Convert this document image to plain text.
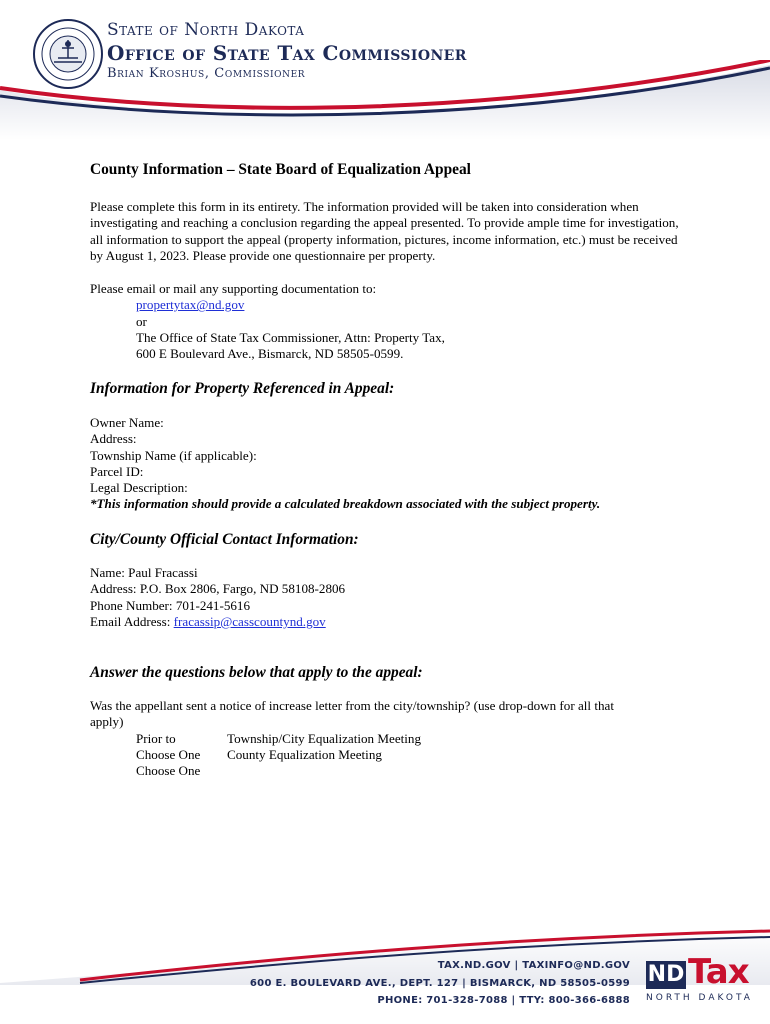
State of North Dakota
Office of State Tax Commissioner
Brian Kroshus, Commissioner
County Information – State Board of Equalization Appeal
Please complete this form in its entirety. The information provided will be taken into consideration when investigating and reaching a conclusion regarding the appeal presented. To provide ample time for investigation, all information to support the appeal (property information, pictures, income information, etc.) must be received by August 1, 2023. Please provide one questionnaire per property.
Please email or mail any supporting documentation to:
propertytax@nd.gov
or
The Office of State Tax Commissioner, Attn: Property Tax,
600 E Boulevard Ave., Bismarck, ND 58505-0599.
Information for Property Referenced in Appeal:
Owner Name:
Address:
Township Name (if applicable):
Parcel ID:
Legal Description:
*This information should provide a calculated breakdown associated with the subject property.
City/County Official Contact Information:
Name: Paul Fracassi
Address: P.O. Box 2806, Fargo, ND 58108-2806
Phone Number: 701-241-5616
Email Address: fracassip@casscountynd.gov
Answer the questions below that apply to the appeal:
Was the appellant sent a notice of increase letter from the city/township? (use drop-down for all that
apply)
Prior to
Choose One
Choose One
Township/City Equalization Meeting
County Equalization Meeting
TAX.ND.GOV | TAXINFO@ND.GOV
600 E. BOULEVARD AVE., DEPT. 127 | BISMARCK, ND 58505-0599
PHONE: 701-328-7088 | TTY: 800-366-6888
ND Tax
NORTH DAKOTA
